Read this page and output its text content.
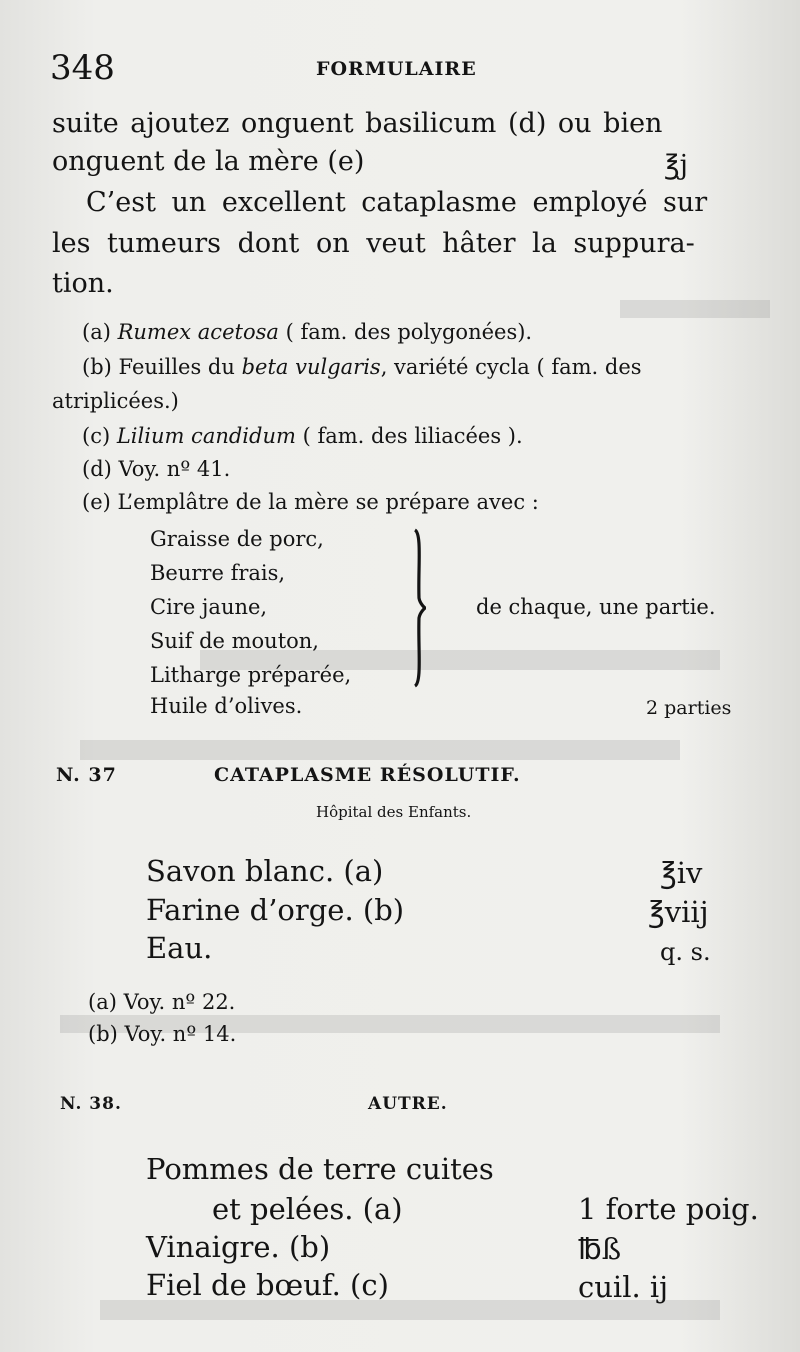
348	FORMULAIRE
suite ajoutez onguent basilicum (d) ou bien
onguent de la mère (e)	℥j
C’est un excellent cataplasme employé sur
les tumeurs dont on veut hâter la suppura-
tion.
(a) Rumex acetosa ( fam. des polygonées).
(b) Feuilles du beta vulgaris, variété cycla ( fam. des
atriplicées.)
(c) Lilium candidum ( fam. des liliacées ).
(d) Voy. nº 41.
(e) L’emplâtre de la mère se prépare avec :
Graisse de porc,
Beurre frais,
Cire jaune,
Suif de mouton,
Litharge préparée,
Huile d’olives.
de chaque, une partie.
2 parties
N. 37	CATAPLASME RÉSOLUTIF.
Hôpital des Enfants.
Savon blanc. (a)	℥iv
Farine d’orge. (b)	℥viij
Eau.	q. s.
(a) Voy. nº 22.
(b) Voy. nº 14.
N. 38.	AUTRE.
Pommes de terre cuites
et pelées. (a)	1 forte poig.
Vinaigre. (b)	℔ß
Fiel de bœuf. (c)	cuil. ij
